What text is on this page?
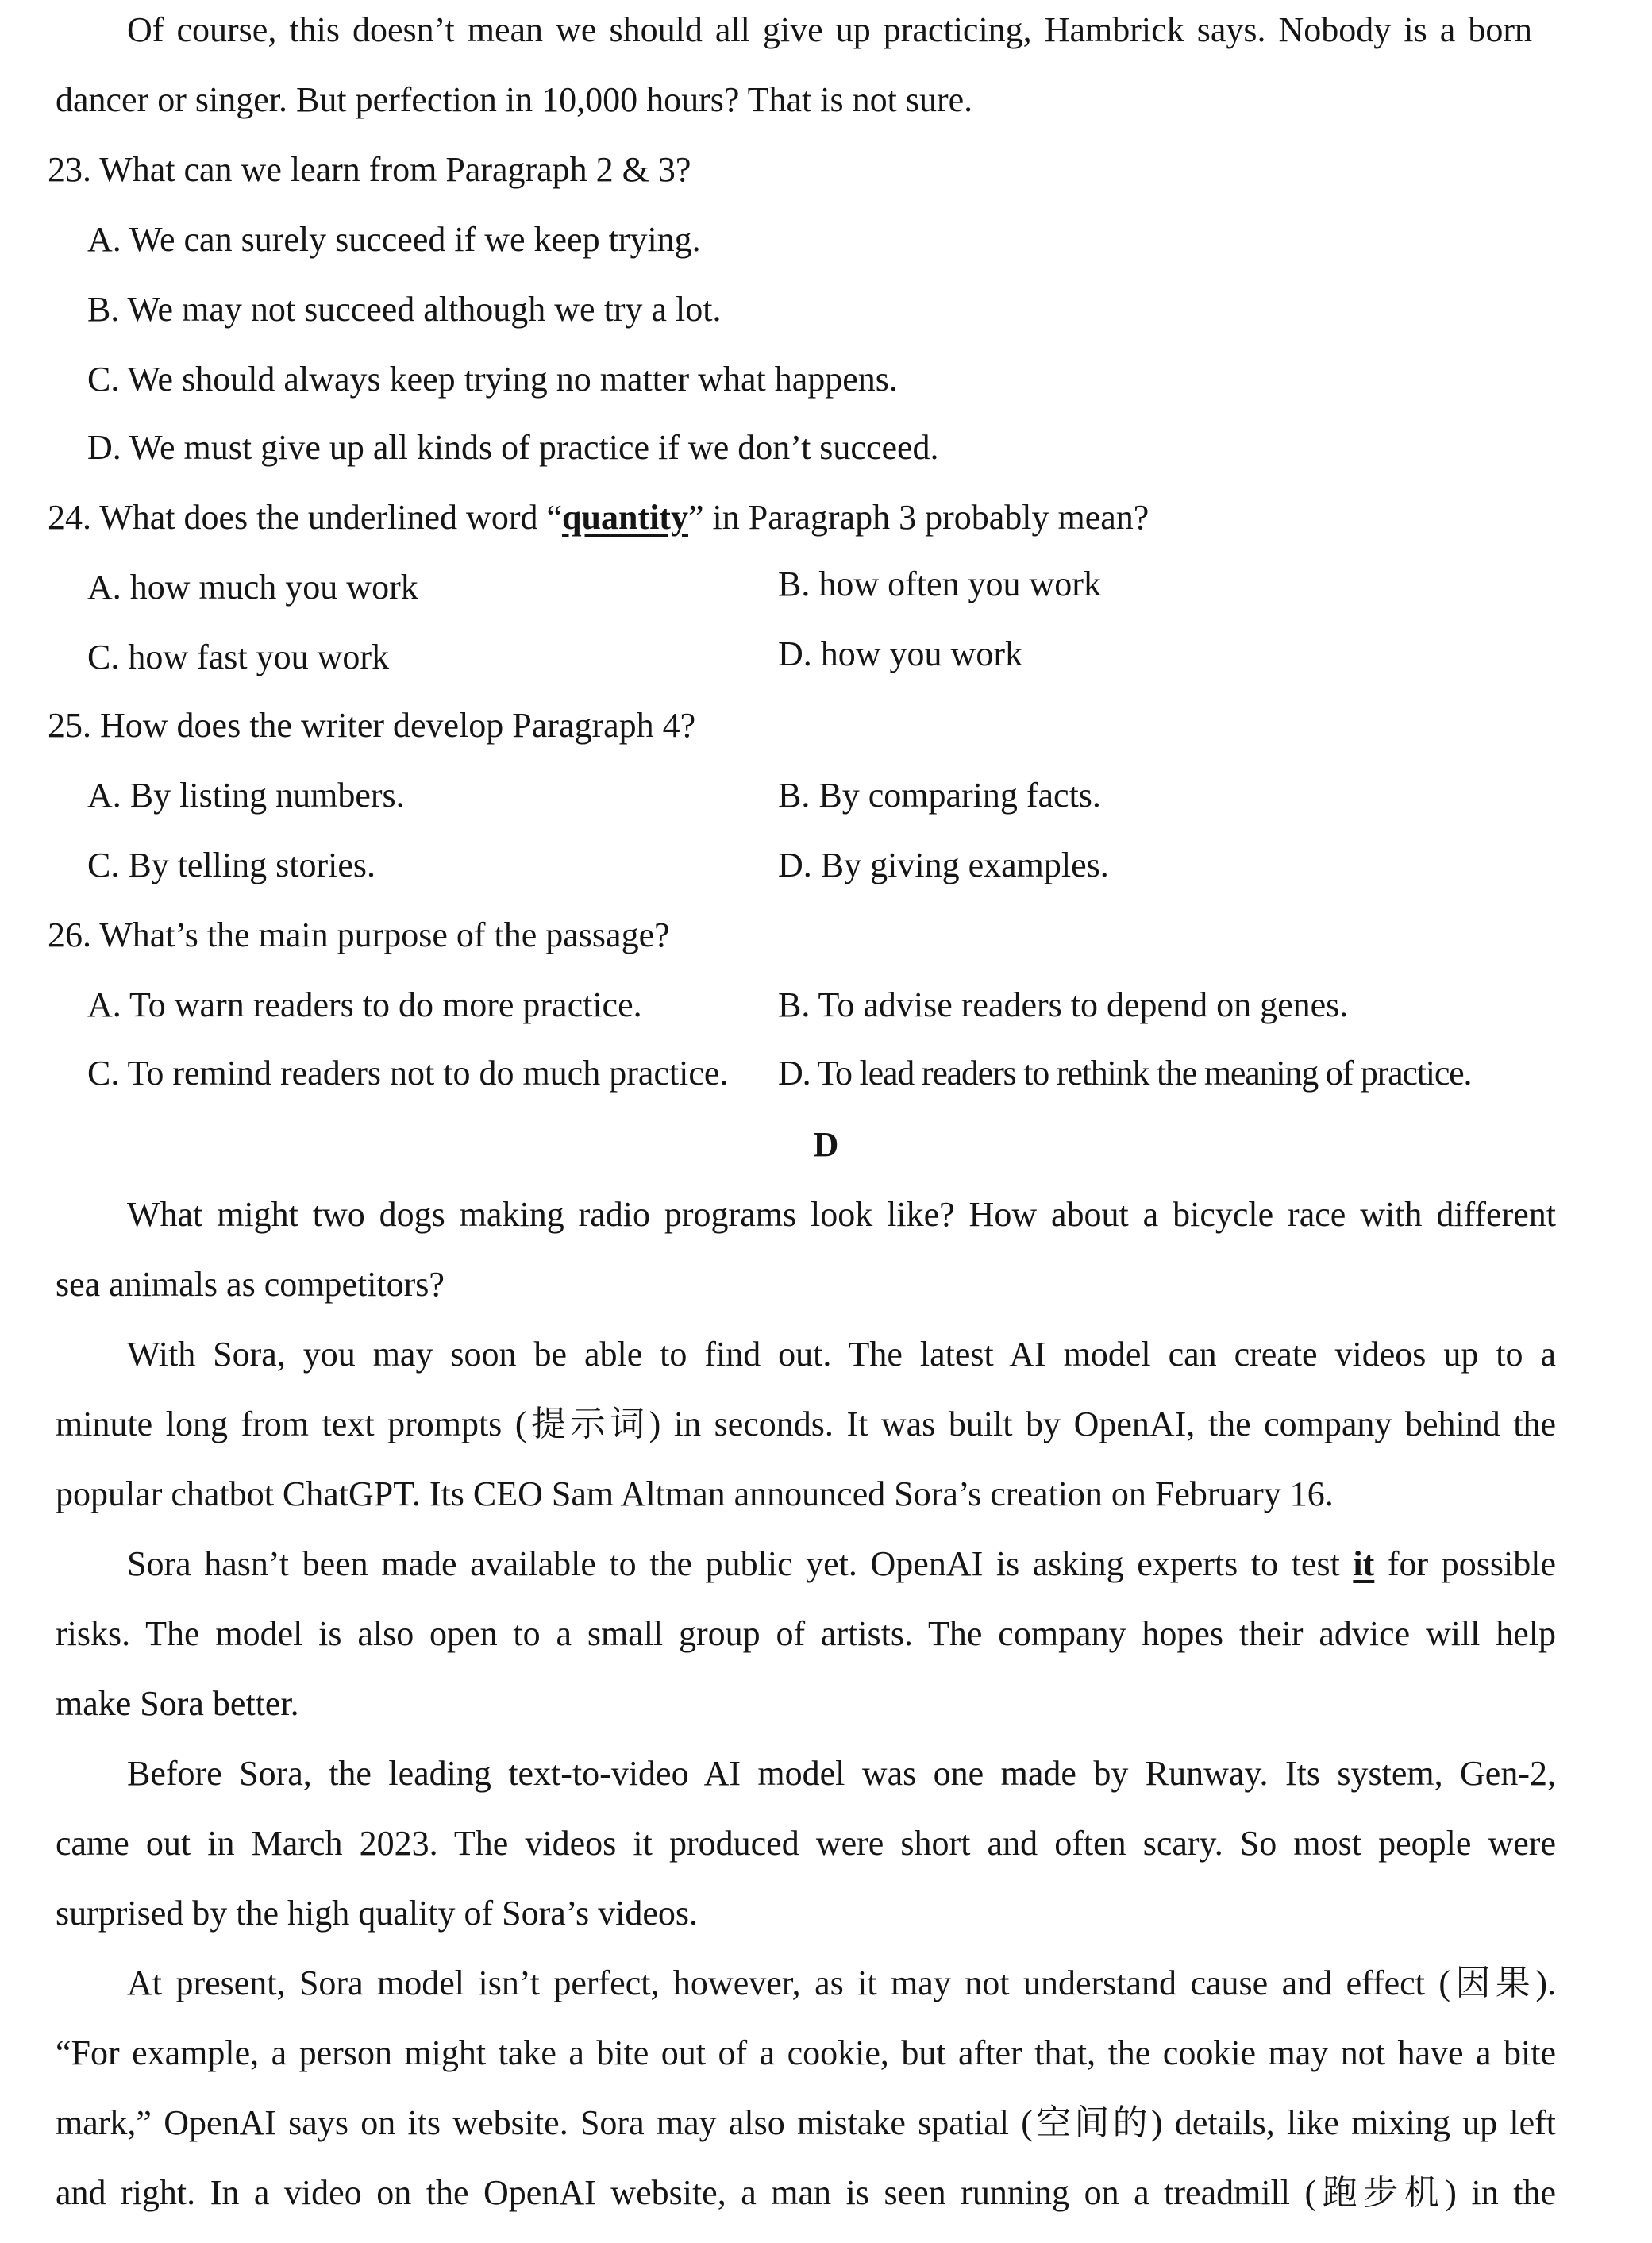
Of course, this doesn’t mean we should all give up practicing, Hambrick says. Nobody is a born
dancer or singer. But perfection in 10,000 hours? That is not sure.
23. What can we learn from Paragraph 2 & 3?
A. We can surely succeed if we keep trying.
B. We may not succeed although we try a lot.
C. We should always keep trying no matter what happens.
D. We must give up all kinds of practice if we don’t succeed.
24. What does the underlined word “quantity” in Paragraph 3 probably mean?
A. how much you work	B. how often you work
C. how fast you work	D. how you work
25. How does the writer develop Paragraph 4?
A. By listing numbers.	B. By comparing facts.
C. By telling stories.	D. By giving examples.
26. What’s the main purpose of the passage?
A. To warn readers to do more practice.	B. To advise readers to depend on genes.
C. To remind readers not to do much practice. D. To lead readers to rethink the meaning of practice.
D
What might two dogs making radio programs look like? How about a bicycle race with different
sea animals as competitors?
With Sora, you may soon be able to find out. The latest AI model can create videos up to a
minute long from text prompts (提示词) in seconds. It was built by OpenAI, the company behind the
popular chatbot ChatGPT. Its CEO Sam Altman announced Sora’s creation on February 16.
Sora hasn’t been made available to the public yet. OpenAI is asking experts to test it for possible
risks. The model is also open to a small group of artists. The company hopes their advice will help
make Sora better.
Before Sora, the leading text-to-video AI model was one made by Runway. Its system, Gen-2,
came out in March 2023. The videos it produced were short and often scary. So most people were
surprised by the high quality of Sora’s videos.
At present, Sora model isn’t perfect, however, as it may not understand cause and effect (因果).
“For example, a person might take a bite out of a cookie, but after that, the cookie may not have a bite
mark,” OpenAI says on its website. Sora may also mistake spatial (空间的) details, like mixing up left
and right. In a video on the OpenAI website, a man is seen running on a treadmill (跑步机) in the
